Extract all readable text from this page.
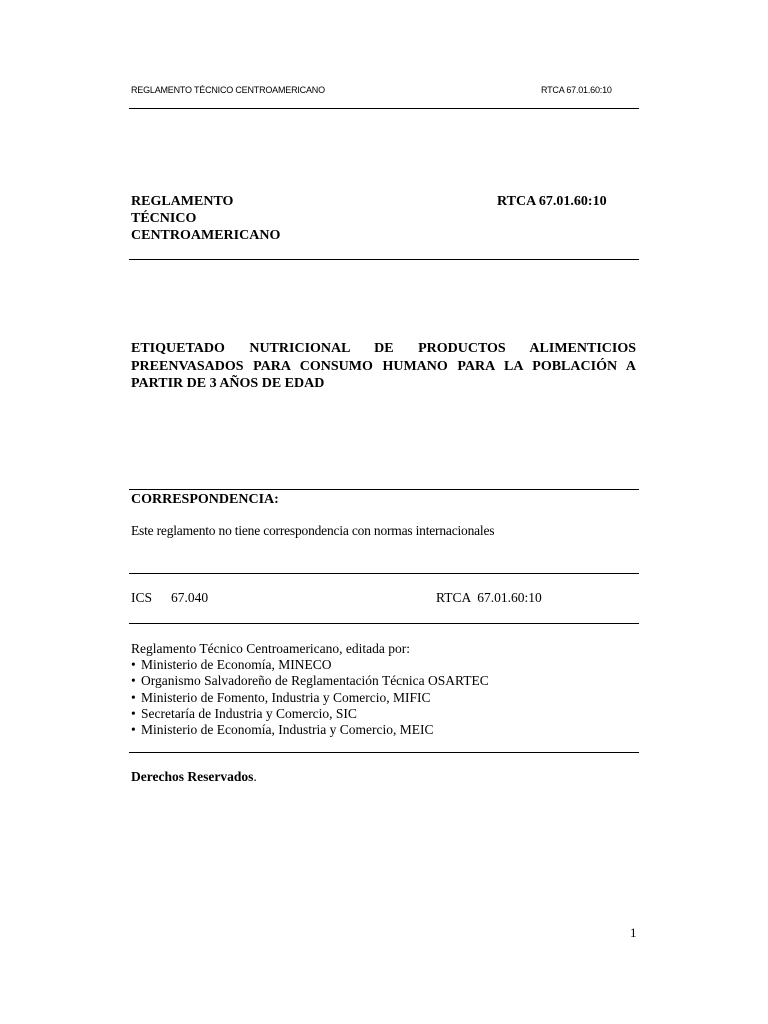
REGLAMENTO TÉCNICO CENTROAMERICANO	RTCA 67.01.60:10
REGLAMENTO
TÉCNICO
CENTROAMERICANO
RTCA 67.01.60:10
ETIQUETADO NUTRICIONAL DE PRODUCTOS ALIMENTICIOS
PREENVASADOS PARA CONSUMO HUMANO PARA LA POBLACIÓN A
PARTIR DE 3 AÑOS DE EDAD
CORRESPONDENCIA:
Este reglamento no tiene correspondencia con normas internacionales
ICS 67.040	RTCA  67.01.60:10
Reglamento Técnico Centroamericano, editada por:
• Ministerio de Economía, MINECO
• Organismo Salvadoreño de Reglamentación Técnica OSARTEC
• Ministerio de Fomento, Industria y Comercio, MIFIC
• Secretaría de Industria y Comercio, SIC
• Ministerio de Economía, Industria y Comercio, MEIC
Derechos Reservados.
1
